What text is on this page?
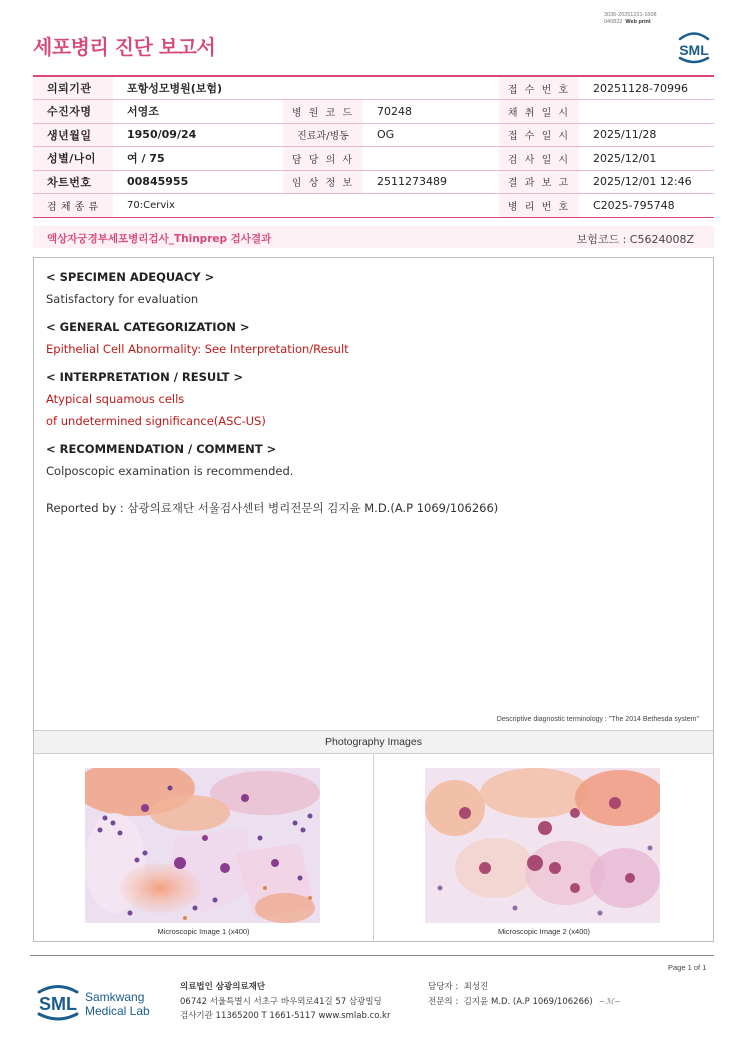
3036-20251231-1608
040822 Web print
세포병리 진단 보고서	SML
의뢰기관	포항성모병원(보험)			접 수 번 호	20251128-70996
수진자명	서영조	병 원 코 드	70248	채 취 일 시	
생년월일	1950/09/24	진료과/병동	OG	접 수 일 시	2025/11/28
성별/나이	여 / 75	담 당 의 사		검 사 일 시	2025/12/01
차트번호	00845955	임 상 정 보	2511273489	결 과 보 고	2025/12/01 12:46
검 체 종 류	70:Cervix			병 리 번 호	C2025-795748
액상자궁경부세포병리검사_Thinprep 검사결과	보험코드 : C5624008Z
< SPECIMEN ADEQUACY >
Satisfactory for evaluation
< GENERAL CATEGORIZATION >
Epithelial Cell Abnormality: See Interpretation/Result
< INTERPRETATION / RESULT >
Atypical squamous cells
of undetermined significance(ASC-US)
< RECOMMENDATION / COMMENT >
Colposcopic examination is recommended.
Reported by : 삼광의료재단 서울검사센터 병리전문의 김지윤 M.D.(A.P 1069/106266)
Descriptive diagnostic terminology : "The 2014 Bethesda system"
Photography Images
Microscopic Image 1 (x400)	Microscopic Image 2 (x400)
Page 1 of 1
SML Samkwang
Medical Lab
의료법인 삼광의료재단
06742 서울특별시 서초구 바우뫼로41길 57 삼광빌딩
검사기관 11365200 T 1661-5117 www.smlab.co.kr
담당자 : 최성진
전문의 : 김지윤 M.D. (A.P 1069/106266) ~ℳ~
